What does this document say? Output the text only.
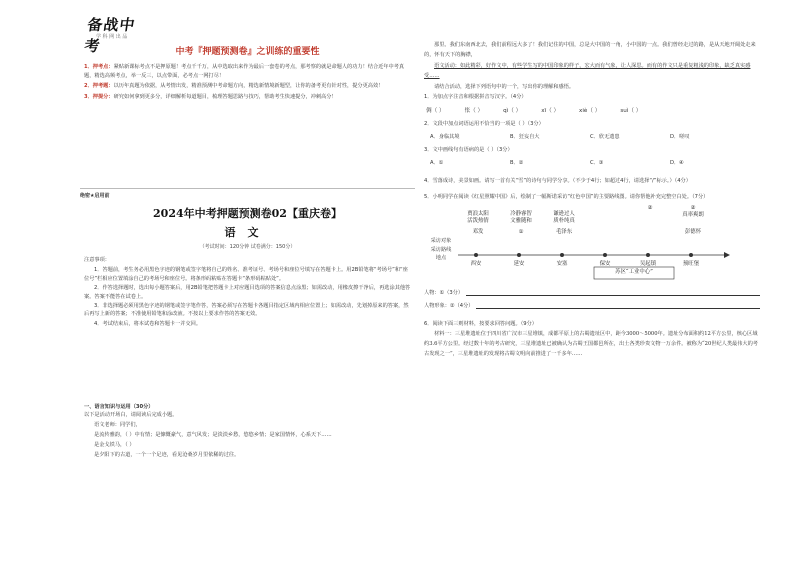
备战中考
学 科 网 出 品
中考『押题预测卷』之训练的重要性

1．押考点：紧贴新课标考点不是押原题！考点千千万，从中选取出来作为最后一套卷的考点，那考察的就是命题人的功力！结合近年中考真题，精选高频考点，举一反三，以点带面，必考点一网打尽！

2．押考题：以历年真题为依据，从考情出发，精准预测中考命题方向，精选新情境新题型，让你的备考更有针对性，提分更高效！

3．押提分：研究如何拿到更多分，详细解析每道题目，梳理答题思路与技巧，帮助考生快速提分，冲刺高分！

绝密★启用前
2024年中考押题预测卷02【重庆卷】
语文
（考试时间：120分钟 试卷满分：150分）
注意事项：

1．答题前，考生务必用黑色字迹的钢笔或签字笔将自己的姓名、准考证号、考场号和座位号填写在答题卡上。用2B铅笔将“考场号”和“座位号”栏相应位置填涂自己的考场号和座位号。将条形码粘贴在答题卡“条形码粘贴处”。

2．作答选择题时，选出每小题答案后，用2B铅笔把答题卡上对应题目选项的答案信息点涂黑；如需改动，用橡皮擦干净后，再选涂其他答案。答案不能答在试卷上。

3．非选择题必须用黑色字迹的钢笔或签字笔作答，答案必须写在答题卡各题目指定区域内相应位置上；如需改动，先划掉原来的答案，然后再写上新的答案；不准使用铅笔和涂改液。不按以上要求作答的答案无效。

4．考试结束后，将本试卷和答题卡一并交回。

一、语言知识与运用（30分）
以下是活动开场白，请阅读后完成小题。

语文老师：同学们，

是流传雅韵，（ ）中有情；是慷慨豪气，意气风发；是淡淡乡愁，悠悠乡情；是家国情怀，心系天下……

是金戈铁马，（ ）

是夕阳下的古道，一个一个足迹，看见沧桑岁月里依稀的过往。

那里。我们东南西北去，我们前程远大多了！我们记住的中国，总是大中国的一角，小中国的一点。我们曾经走过的路，是从天地开阔处走来的，怀有天下的胸襟，

语文活动：如此精彩，好作文中，有些学生写的中国印象的样子，宏大而有气象，让人深思。而有的作文只是重复粗浅的印象，缺乏真实感受……

请结合活动，选择下列语句中的一个，写出你的理解和感悟。

1．为加点字注音和根据拼音写汉字。（4分）

倜（ ）	怅（ ）	qì（ ）	xī（ ）	xiè（ ）	suì（ ）

2．文段中加点词语运用不恰当的一项是（ ）（3分）

A．身临其境	B．狂妄自大	C．欣无遗患	D．嗟叹

3．文中画线句有语病的是（ ）（3分）

A．①	B．②	C．③	D．④

4．雪落成诗，美景如画。请写一首有关“雪”的诗句与同学分享。（不少于4行；如超过4行，请选择“/”标示。）（4分）

5．小明同学在阅读《红星照耀中国》后，绘制了一幅斯诺采访“红色中国”的主要路线图。请你帮他补充完整空白处。（7分）

采访对象
采访路线
地点
贾浪太阳
活泼热情
冷静睿智
文雅随和
谦逊过人
质朴纯真
②	②
真率爽朗
邓发	①	毛泽东	彭德怀
西安	延安	安塞	保安	吴起镇	预旺堡
苏区“工业中心”
人物：①（3分）
人物形象：②（4分）

6．阅读下面三则材料，按要求回答问题。（9分）

材料一：三星堆遗址位于四川省广汉市三星堆镇，成都平原上的古蜀遗址区中，距今3000～5000年。遗址分布面积约12平方公里，核心区域约3.6平方公里。经过数十年的考古研究，三星堆遗址已被确认为古蜀王国都邑所在，出土各类珍贵文物一万余件。被称为“20世纪人类最伟大的考古发现之一”，三星堆遗址的发现将古蜀文明向前推进了一千多年……
